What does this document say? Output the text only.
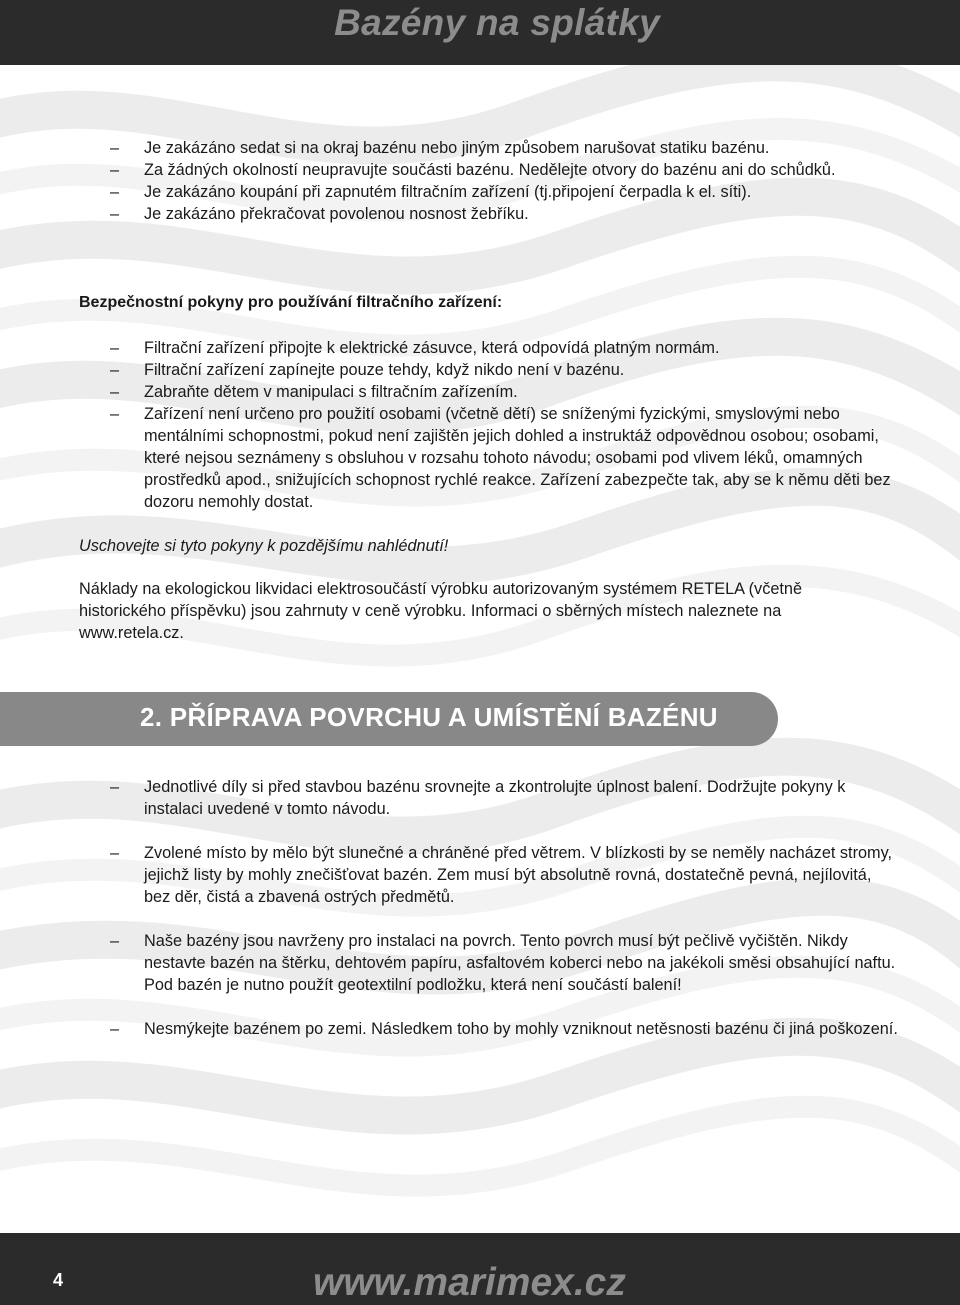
Bazény na splátky
– Je zakázáno sedat si na okraj bazénu nebo jiným způsobem narušovat statiku bazénu.
– Za žádných okolností neupravujte součásti bazénu. Nedělejte otvory do bazénu ani do schůdků.
– Je zakázáno koupání při zapnutém filtračním zařízení (tj.připojení čerpadla k el. síti).
– Je zakázáno překračovat povolenou nosnost žebříku.
Bezpečnostní pokyny pro používání filtračního zařízení:
– Filtrační zařízení připojte k elektrické zásuvce, která odpovídá platným normám.
– Filtrační zařízení zapínejte pouze tehdy, když nikdo není v bazénu.
– Zabraňte dětem v manipulaci s filtračním zařízením.
– Zařízení není určeno pro použití osobami (včetně dětí) se sníženými fyzickými, smyslovými nebo mentálními schopnostmi, pokud není zajištěn jejich dohled a instruktáž odpovědnou osobou; osobami, které nejsou seznámeny s obsluhou v rozsahu tohoto návodu; osobami pod vlivem léků, omamných prostředků apod., snižujících schopnost rychlé reakce. Zařízení zabezpečte tak, aby se k němu děti bez dozoru nemohly dostat.
Uschovejte si tyto pokyny k pozdějšímu nahlédnutí!
Náklady na ekologickou likvidaci elektrosoučástí výrobku autorizovaným systémem RETELA (včetně historického příspěvku) jsou zahrnuty v ceně výrobku. Informaci o sběrných místech naleznete na www.retela.cz.
2. PŘÍPRAVA POVRCHU A UMÍSTĚNÍ BAZÉNU
– Jednotlivé díly si před stavbou bazénu srovnejte a zkontrolujte úplnost balení. Dodržujte pokyny k instalaci uvedené v tomto návodu.
– Zvolené místo by mělo být slunečné a chráněné před větrem. V blízkosti by se neměly nacházet stromy, jejichž listy by mohly znečišťovat bazén. Zem musí být absolutně rovná, dostatečně pevná, nejílovitá, bez děr, čistá a zbavená ostrých předmětů.
– Naše bazény jsou navrženy pro instalaci na povrch. Tento povrch musí být pečlivě vyčištěn. Nikdy nestavte bazén na štěrku, dehtovém papíru, asfaltovém koberci nebo na jakékoli směsi obsahující naftu. Pod bazén je nutno použít geotextilní podložku, která není součástí balení!
– Nesmýkejte bazénem po zemi. Následkem toho by mohly vzniknout netěsnosti bazénu či jiná poškození.
4	www.marimex.cz
